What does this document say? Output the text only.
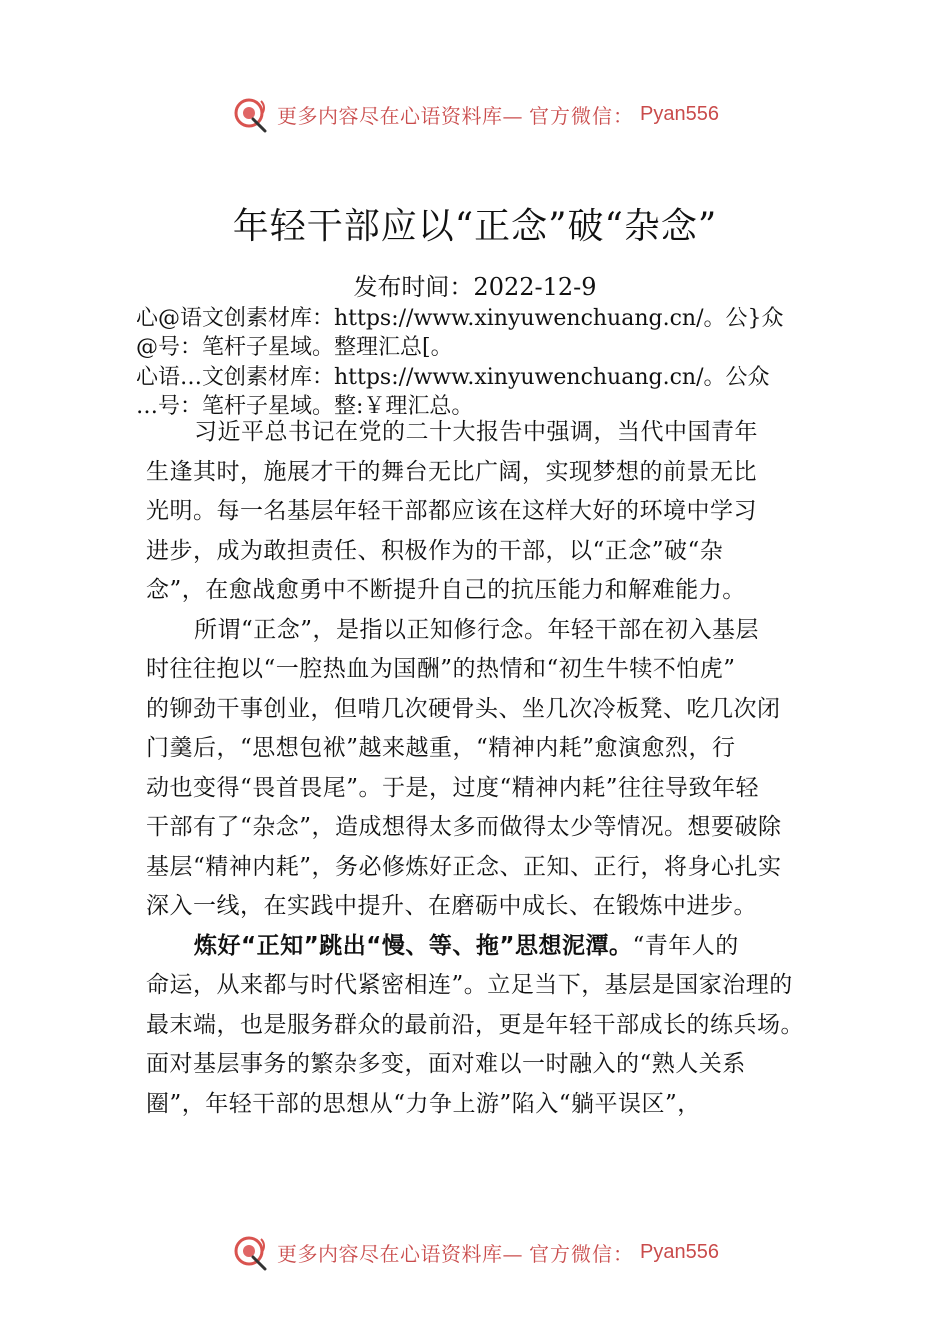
更多内容尽在心语资料库— 官方微信： Pyan556
年轻干部应以“正念”破“杂念”
发布时间：2022-12-9

心@语文创素材库：https://www.xinyuwenchuang.cn/。公}众

@号：笔杆子星域。整理汇总[。

心语…文创素材库：https://www.xinyuwenchuang.cn/。公众

…号：笔杆子星域。整:￥理汇总。

习近平总书记在党的二十大报告中强调，当代中国青年
生逢其时，施展才干的舞台无比广阔，实现梦想的前景无比
光明。每一名基层年轻干部都应该在这样大好的环境中学习
进步，成为敢担责任、积极作为的干部，以“正念”破“杂
念”，在愈战愈勇中不断提升自己的抗压能力和解难能力。
所谓“正念”，是指以正知修行念。年轻干部在初入基层
时往往抱以“一腔热血为国酬”的热情和“初生牛犊不怕虎”
的铆劲干事创业，但啃几次硬骨头、坐几次冷板凳、吃几次闭
门羹后，“思想包袱”越来越重，“精神内耗”愈演愈烈，行
动也变得“畏首畏尾”。于是，过度“精神内耗”往往导致年轻
干部有了“杂念”，造成想得太多而做得太少等情况。想要破除
基层“精神内耗”，务必修炼好正念、正知、正行，将身心扎实
深入一线，在实践中提升、在磨砺中成长、在锻炼中进步。
炼好“正知”跳出“慢、等、拖”思想泥潭。“青年人的
命运，从来都与时代紧密相连”。立足当下，基层是国家治理的
最末端，也是服务群众的最前沿，更是年轻干部成长的练兵场。
面对基层事务的繁杂多变，面对难以一时融入的“熟人关系
圈”，年轻干部的思想从“力争上游”陷入“躺平误区”，
更多内容尽在心语资料库— 官方微信： Pyan556
